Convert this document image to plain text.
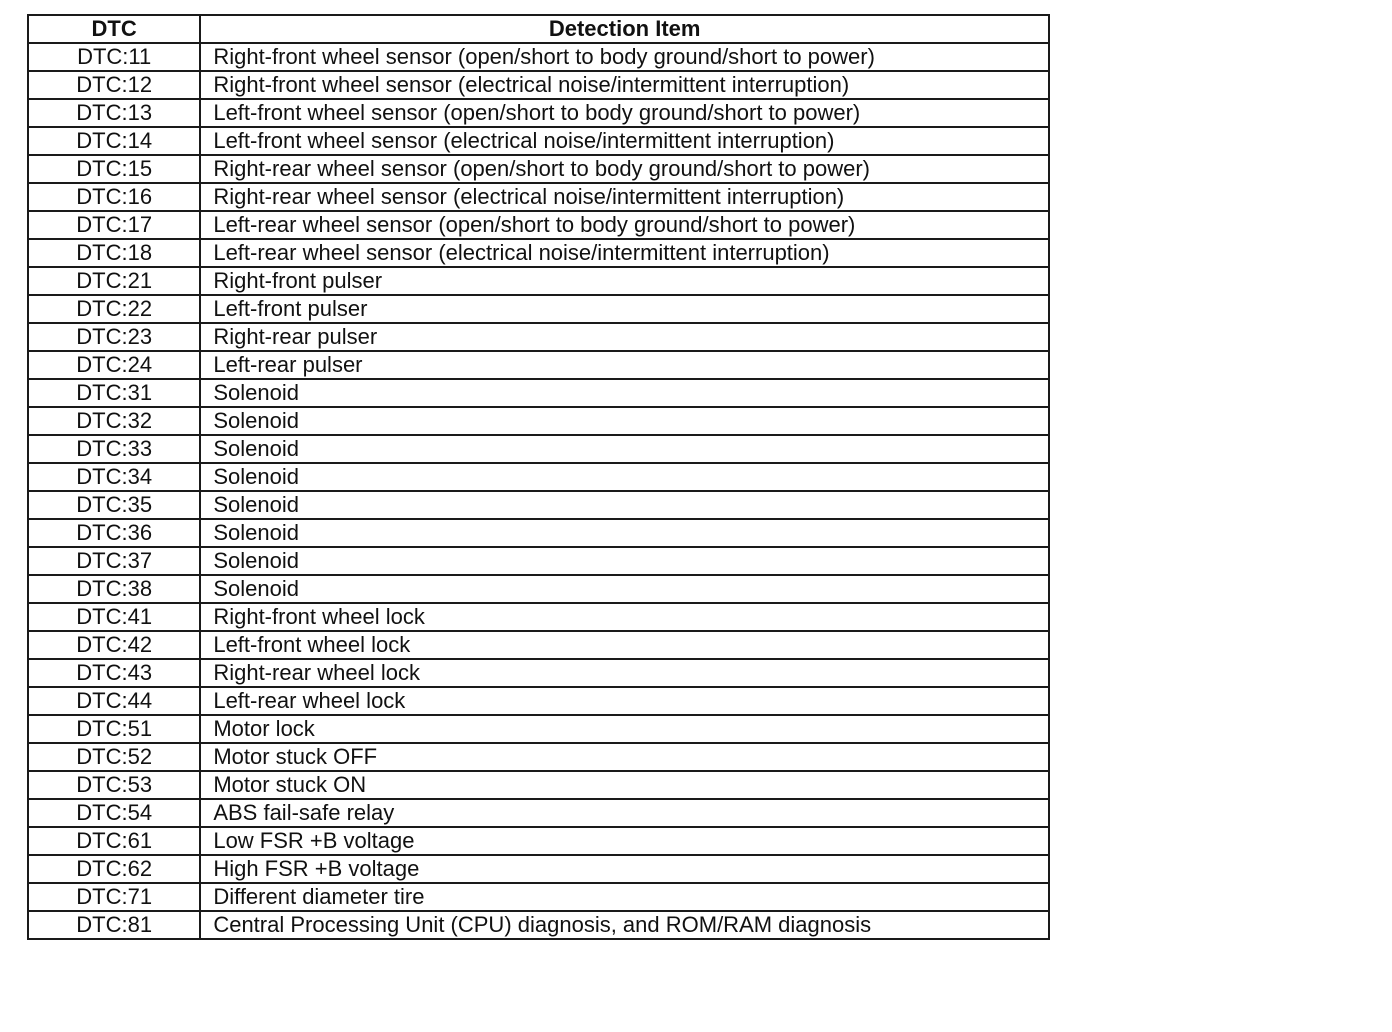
DTC	Detection Item
DTC:11	Right-front wheel sensor (open/short to body ground/short to power)
DTC:12	Right-front wheel sensor (electrical noise/intermittent interruption)
DTC:13	Left-front wheel sensor (open/short to body ground/short to power)
DTC:14	Left-front wheel sensor (electrical noise/intermittent interruption)
DTC:15	Right-rear wheel sensor (open/short to body ground/short to power)
DTC:16	Right-rear wheel sensor (electrical noise/intermittent interruption)
DTC:17	Left-rear wheel sensor (open/short to body ground/short to power)
DTC:18	Left-rear wheel sensor (electrical noise/intermittent interruption)
DTC:21	Right-front pulser
DTC:22	Left-front pulser
DTC:23	Right-rear pulser
DTC:24	Left-rear pulser
DTC:31	Solenoid
DTC:32	Solenoid
DTC:33	Solenoid
DTC:34	Solenoid
DTC:35	Solenoid
DTC:36	Solenoid
DTC:37	Solenoid
DTC:38	Solenoid
DTC:41	Right-front wheel lock
DTC:42	Left-front wheel lock
DTC:43	Right-rear wheel lock
DTC:44	Left-rear wheel lock
DTC:51	Motor lock
DTC:52	Motor stuck OFF
DTC:53	Motor stuck ON
DTC:54	ABS fail-safe relay
DTC:61	Low FSR +B voltage
DTC:62	High FSR +B voltage
DTC:71	Different diameter tire
DTC:81	Central Processing Unit (CPU) diagnosis, and ROM/RAM diagnosis
